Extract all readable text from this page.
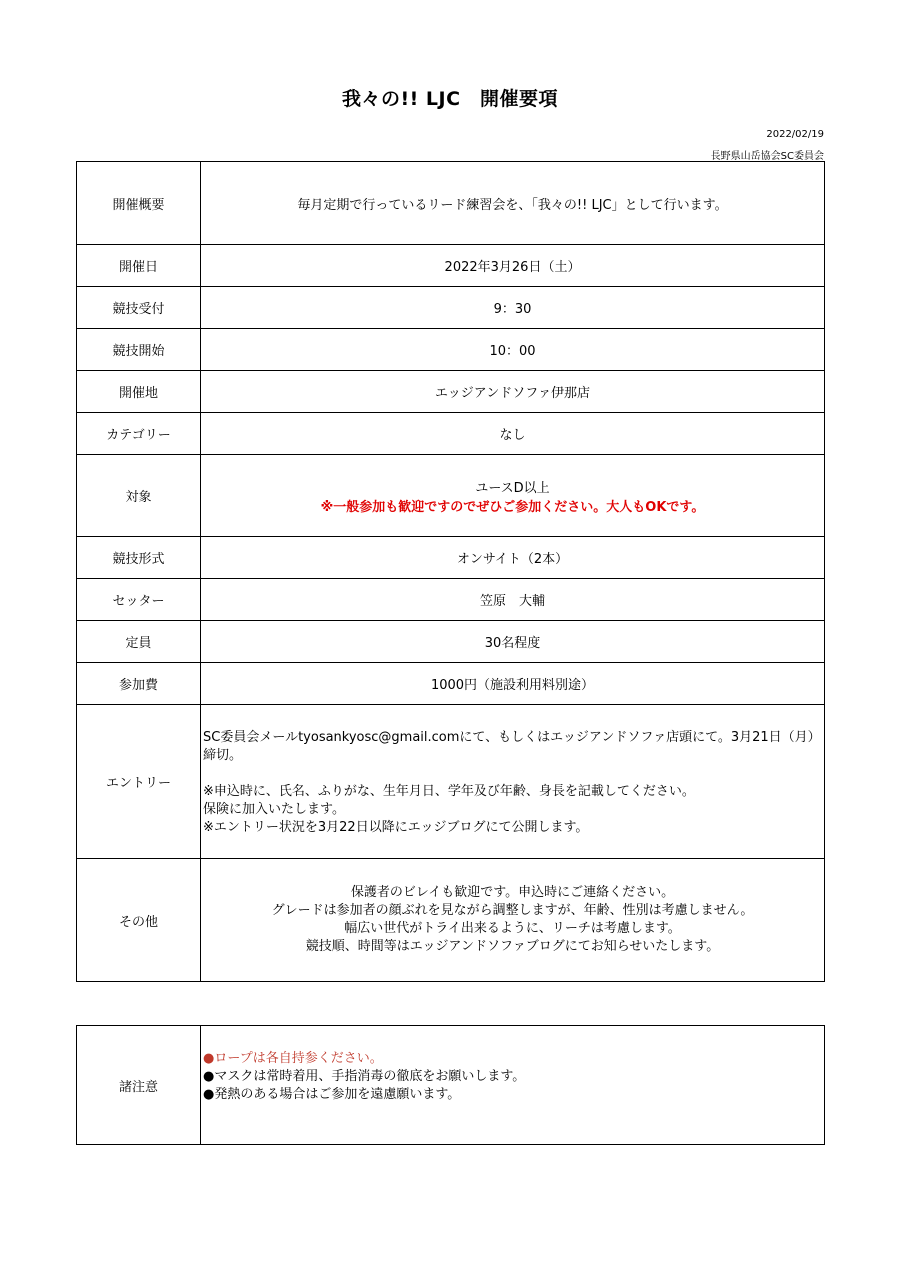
我々の!! LJC　開催要項
2022/02/19
長野県山岳協会SC委員会
開催概要	毎月定期で行っているリード練習会を、「我々の!! LJC」として行います。
開催日	2022年3月26日（土）
競技受付	9：30
競技開始	10：00
開催地	エッジアンドソファ伊那店
カテゴリー	なし
対象	ユースD以上
※一般参加も歓迎ですのでぜひご参加ください。大人もOKです。

競技形式	オンサイト（2本）
セッター	笠原　大輔
定員	30名程度
参加費	1000円（施設利用料別途）
エントリー	SC委員会メールtyosankyosc@gmail.comにて、もしくはエッジアンドソファ店頭にて。3月21日（月）締切。
※申込時に、氏名、ふりがな、生年月日、学年及び年齢、身長を記載してください。
保険に加入いたします。
※エントリー状況を3月22日以降にエッジブログにて公開します。

その他	保護者のビレイも歓迎です。申込時にご連絡ください。
グレードは参加者の顔ぶれを見ながら調整しますが、年齢、性別は考慮しません。
幅広い世代がトライ出来るように、リーチは考慮します。
競技順、時間等はエッジアンドソファブログにてお知らせいたします。
諸注意	
●ロープは各自持参ください。
●マスクは常時着用、手指消毒の徹底をお願いします。
●発熱のある場合はご参加を遠慮願います。
